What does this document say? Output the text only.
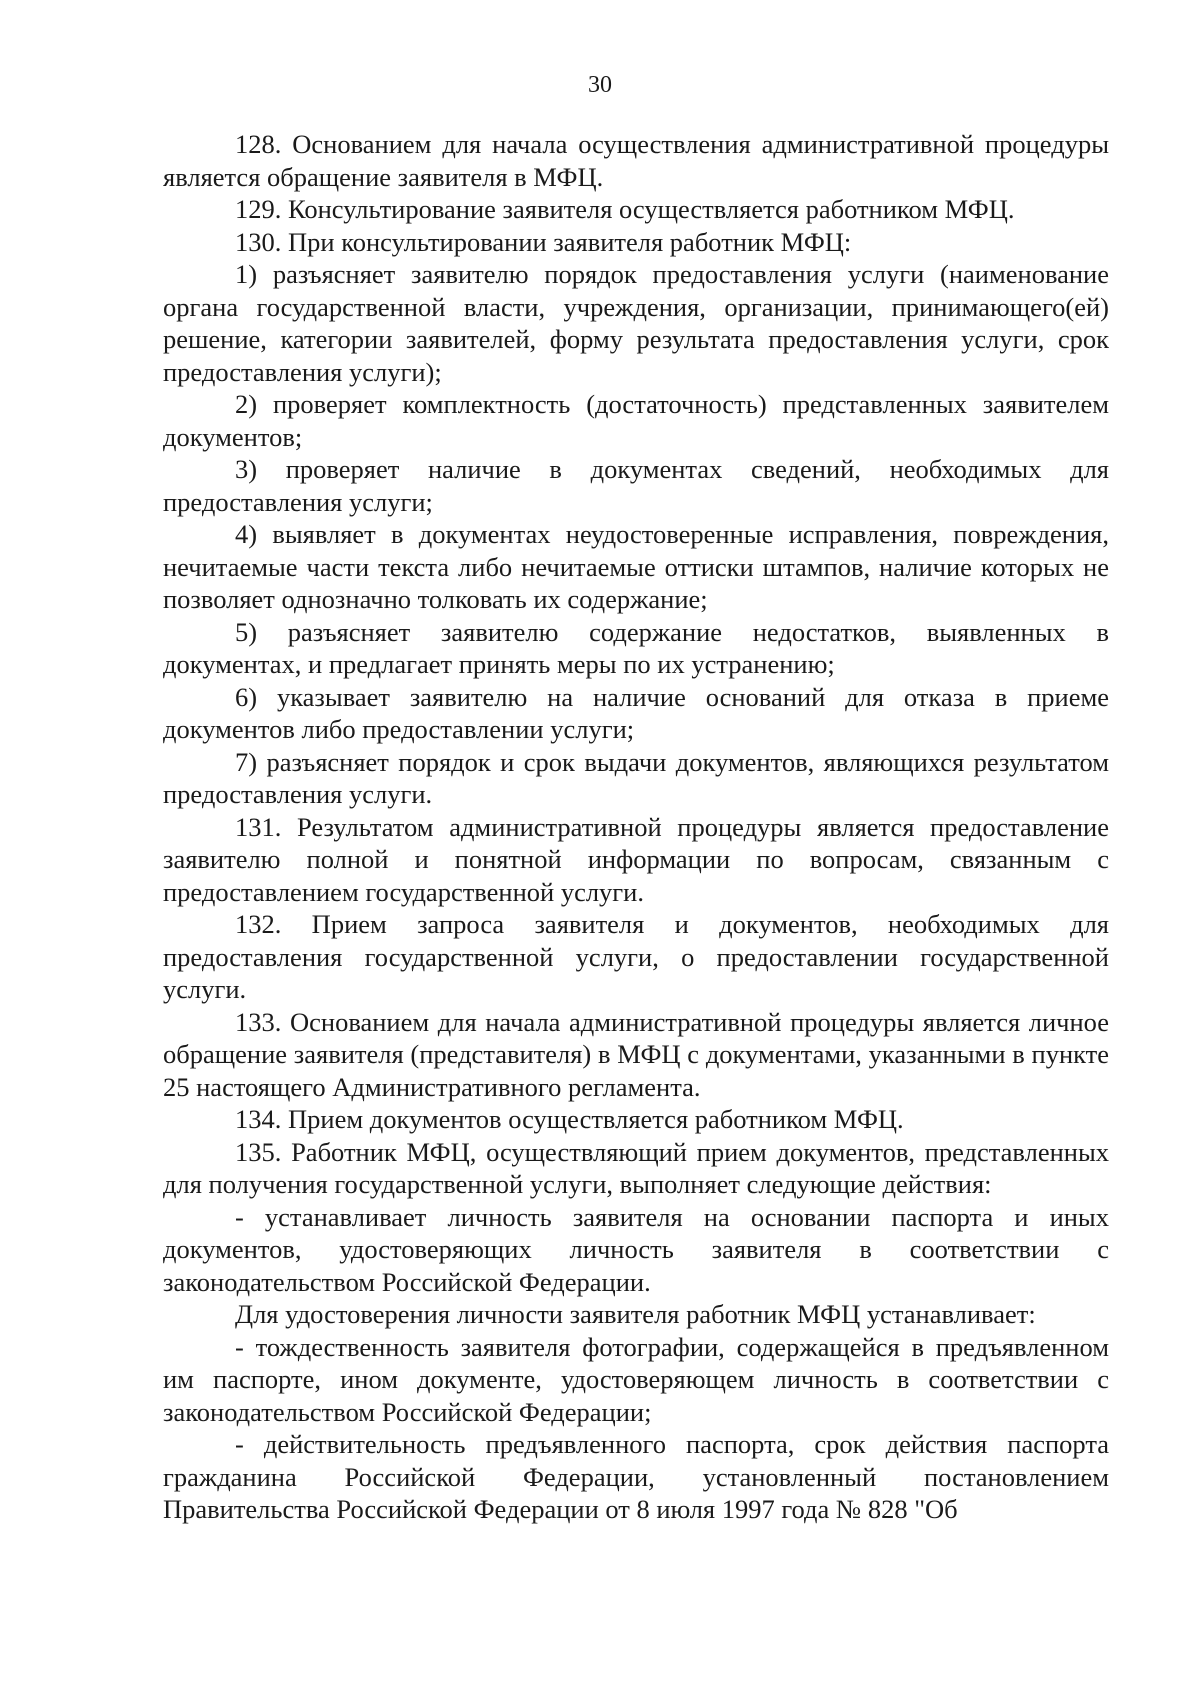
30

128. Основанием для начала осуществления административной процедуры является обращение заявителя в МФЦ.

129. Консультирование заявителя осуществляется работником МФЦ.

130. При консультировании заявителя работник МФЦ:

1) разъясняет заявителю порядок предоставления услуги (наименование органа государственной власти, учреждения, организации, принимающего(ей) решение, категории заявителей, форму результата предоставления услуги, срок предоставления услуги);

2) проверяет комплектность (достаточность) представленных заявителем документов;

3) проверяет наличие в документах сведений, необходимых для предоставления услуги;

4) выявляет в документах неудостоверенные исправления, повреждения, нечитаемые части текста либо нечитаемые оттиски штампов, наличие которых не позволяет однозначно толковать их содержание;

5) разъясняет заявителю содержание недостатков, выявленных в документах, и предлагает принять меры по их устранению;

6) указывает заявителю на наличие оснований для отказа в приеме документов либо предоставлении услуги;

7) разъясняет порядок и срок выдачи документов, являющихся результатом предоставления услуги.

131. Результатом административной процедуры является предоставление заявителю полной и понятной информации по вопросам, связанным с предоставлением государственной услуги.

132. Прием запроса заявителя и документов, необходимых для предоставления государственной услуги, о предоставлении государственной услуги.

133. Основанием для начала административной процедуры является личное обращение заявителя (представителя) в МФЦ с документами, указанными в пункте 25 настоящего Административного регламента.

134. Прием документов осуществляется работником МФЦ.

135. Работник МФЦ, осуществляющий прием документов, представленных для получения государственной услуги, выполняет следующие действия:

- устанавливает личность заявителя на основании паспорта и иных документов, удостоверяющих личность заявителя в соответствии с законодательством Российской Федерации.

Для удостоверения личности заявителя работник МФЦ устанавливает:

- тождественность заявителя фотографии, содержащейся в предъявленном им паспорте, ином документе, удостоверяющем личность в соответствии с законодательством Российской Федерации;

- действительность предъявленного паспорта, срок действия паспорта гражданина Российской Федерации, установленный постановлением Правительства Российской Федерации от 8 июля 1997 года № 828 "Об
